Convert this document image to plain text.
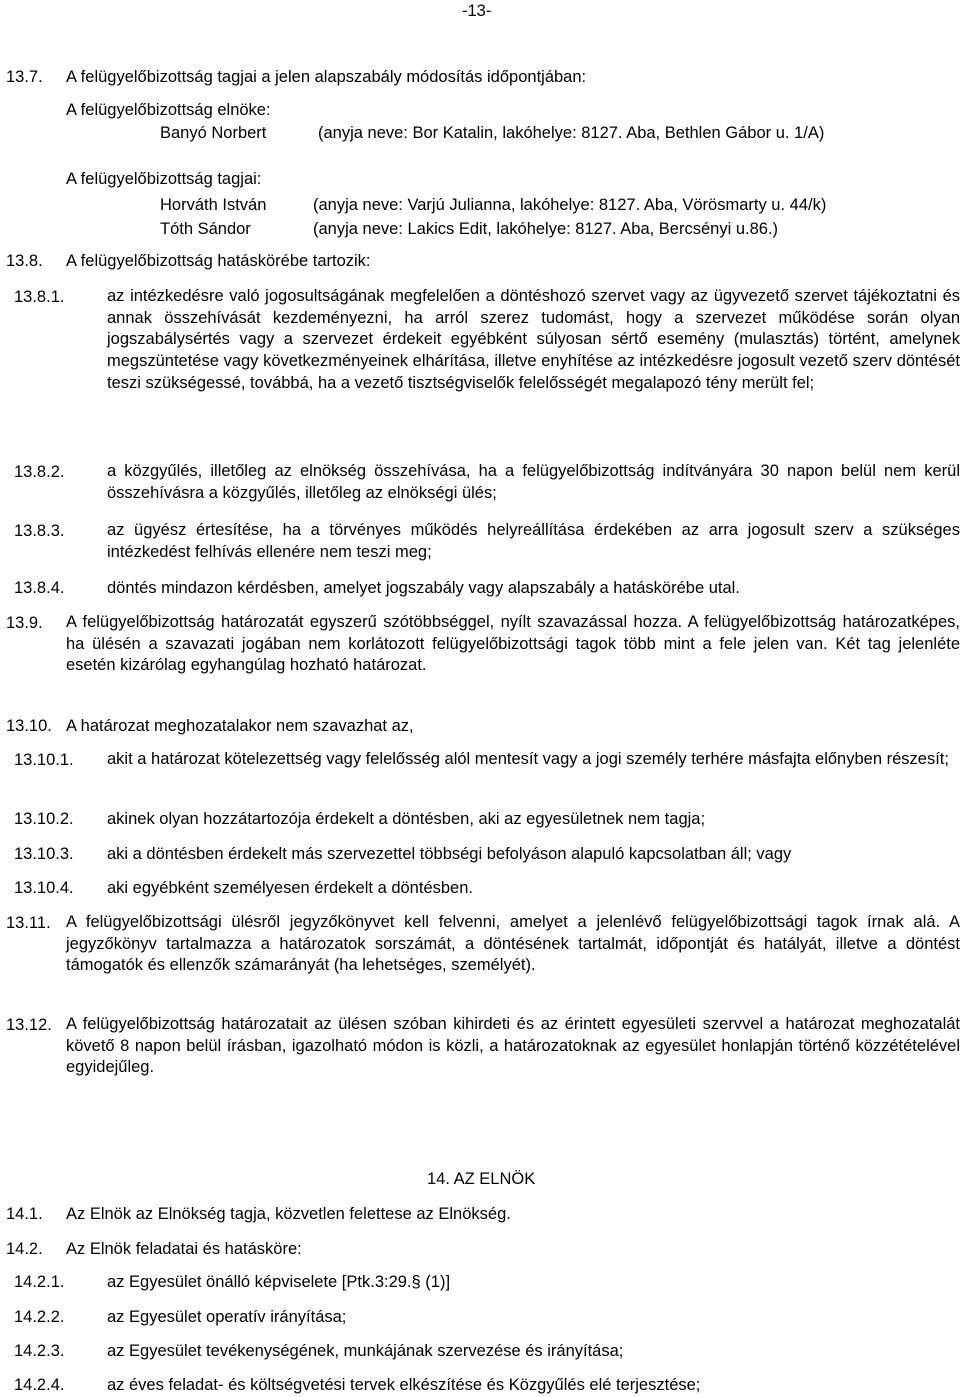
-13-
13.7. A felügyelőbizottság tagjai a jelen alapszabály módosítás időpontjában:
A felügyelőbizottság elnöke:
Banyó Norbert	(anyja neve: Bor Katalin, lakóhelye: 8127. Aba, Bethlen Gábor u. 1/A)
A felügyelőbizottság tagjai:
Horváth István	(anyja neve: Varjú Julianna, lakóhelye: 8127. Aba, Vörösmarty u. 44/k)
Tóth Sándor	(anyja neve: Lakics Edit, lakóhelye: 8127. Aba, Bercsényi u.86.)
13.8. A felügyelőbizottság hatáskörébe tartozik:
13.8.1.	az intézkedésre való jogosultságának megfelelően a döntéshozó szervet vagy az ügyvezető szervet tájékoztatni és annak összehívását kezdeményezni, ha arról szerez tudomást, hogy a szervezet működése során olyan jogszabálysértés vagy a szervezet érdekeit egyébként súlyosan sértő esemény (mulasztás) történt, amelynek megszüntetése vagy következményeinek elhárítása, illetve enyhítése az intézkedésre jogosult vezető szerv döntését teszi szükségessé, továbbá, ha a vezető tisztségviselők felelősségét megalapozó tény merült fel;
13.8.2.	a közgyűlés, illetőleg az elnökség összehívása, ha a felügyelőbizottság indítványára 30 napon belül nem kerül összehívásra a közgyűlés, illetőleg az elnökségi ülés;
13.8.3.	az ügyész értesítése, ha a törvényes működés helyreállítása érdekében az arra jogosult szerv a szükséges intézkedést felhívás ellenére nem teszi meg;
13.8.4.	döntés mindazon kérdésben, amelyet jogszabály vagy alapszabály a hatáskörébe utal.
13.9. A felügyelőbizottság határozatát egyszerű szótöbbséggel, nyílt szavazással hozza. A felügyelőbizottság határozatképes, ha ülésén a szavazati jogában nem korlátozott felügyelőbizottsági tagok több mint a fele jelen van. Két tag jelenléte esetén kizárólag egyhangúlag hozható határozat.
13.10. A határozat meghozatalakor nem szavazhat az,
13.10.1. akit a határozat kötelezettség vagy felelősség alól mentesít vagy a jogi személy terhére másfajta előnyben részesít;
13.10.2. akinek olyan hozzátartozója érdekelt a döntésben, aki az egyesületnek nem tagja;
13.10.3. aki a döntésben érdekelt más szervezettel többségi befolyáson alapuló kapcsolatban áll; vagy
13.10.4. aki egyébként személyesen érdekelt a döntésben.
13.11. A felügyelőbizottsági ülésről jegyzőkönyvet kell felvenni, amelyet a jelenlévő felügyelőbizottsági tagok írnak alá. A jegyzőkönyv tartalmazza a határozatok sorszámát, a döntésének tartalmát, időpontját és hatályát, illetve a döntést támogatók és ellenzők számarányát (ha lehetséges, személyét).
13.12. A felügyelőbizottság határozatait az ülésen szóban kihirdeti és az érintett egyesületi szervvel a határozat meghozatalát követő 8 napon belül írásban, igazolható módon is közli, a határozatoknak az egyesület honlapján történő közzétételével egyidejűleg.
14. AZ ELNÖK
14.1. Az Elnök az Elnökség tagja, közvetlen felettese az Elnökség.
14.2. Az Elnök feladatai és hatásköre:
14.2.1.	az Egyesület önálló képviselete [Ptk.3:29.§ (1)]
14.2.2.	az Egyesület operatív irányítása;
14.2.3.	az Egyesület tevékenységének, munkájának szervezése és irányítása;
14.2.4.	az éves feladat- és költségvetési tervek elkészítése és Közgyűlés elé terjesztése;
